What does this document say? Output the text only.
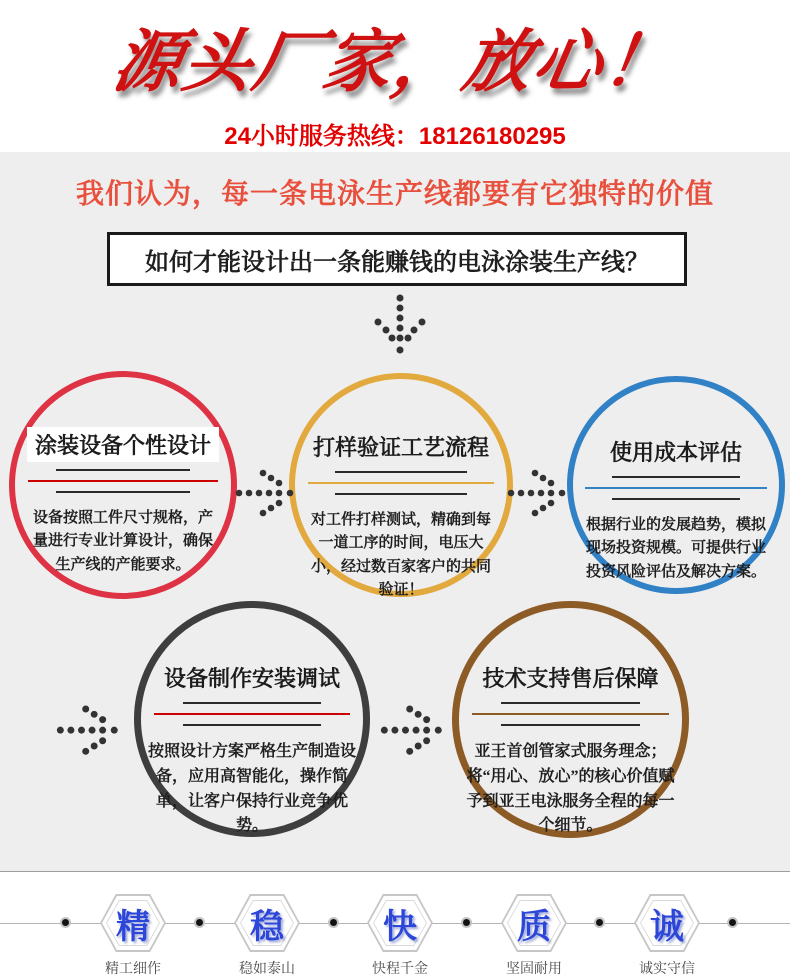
源头厂家，放心！
24小时服务热线：18126180295
我们认为，每一条电泳生产线都要有它独特的价值
如何才能设计出一条能赚钱的电泳涂装生产线？
涂装设备个性设计
设备按照工件尺寸规格，产量进行专业计算设计，确保生产线的产能要求。
打样验证工艺流程
对工件打样测试，精确到每一道工序的时间，电压大小，经过数百家客户的共同验证！
使用成本评估
根据行业的发展趋势，模拟现场投资规模。可提供行业投资风险评估及解决方案。
设备制作安装调试
按照设计方案严格生产制造设备，应用高智能化，操作简单，让客户保持行业竞争优势。
技术支持售后保障
亚王首创管家式服务理念；将“用心、放心”的核心价值赋予到亚王电泳服务全程的每一个细节。
精
精工细作
稳
稳如泰山
快
快程千金
质
坚固耐用
诚
诚实守信
